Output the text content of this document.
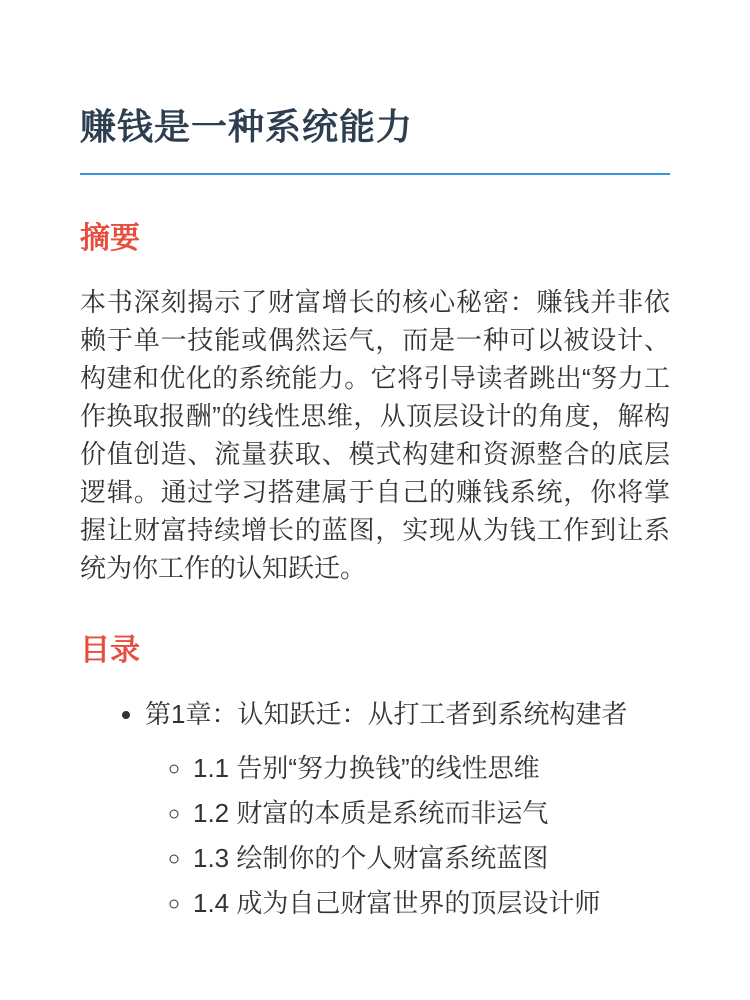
赚钱是一种系统能力
摘要

本书深刻揭示了财富增长的核心秘密：赚钱并非依赖于单一技能或偶然运气，而是一种可以被设计、构建和优化的系统能力。它将引导读者跳出“努力工作换取报酬”的线性思维，从顶层设计的角度，解构价值创造、流量获取、模式构建和资源整合的底层逻辑。通过学习搭建属于自己的赚钱系统，你将掌握让财富持续增长的蓝图，实现从为钱工作到让系统为你工作的认知跃迁。

目录
• 第1章：认知跃迁：从打工者到系统构建者
◦ 1.1 告别“努力换钱”的线性思维
◦ 1.2 财富的本质是系统而非运气
◦ 1.3 绘制你的个人财富系统蓝图
◦ 1.4 成为自己财富世界的顶层设计师
